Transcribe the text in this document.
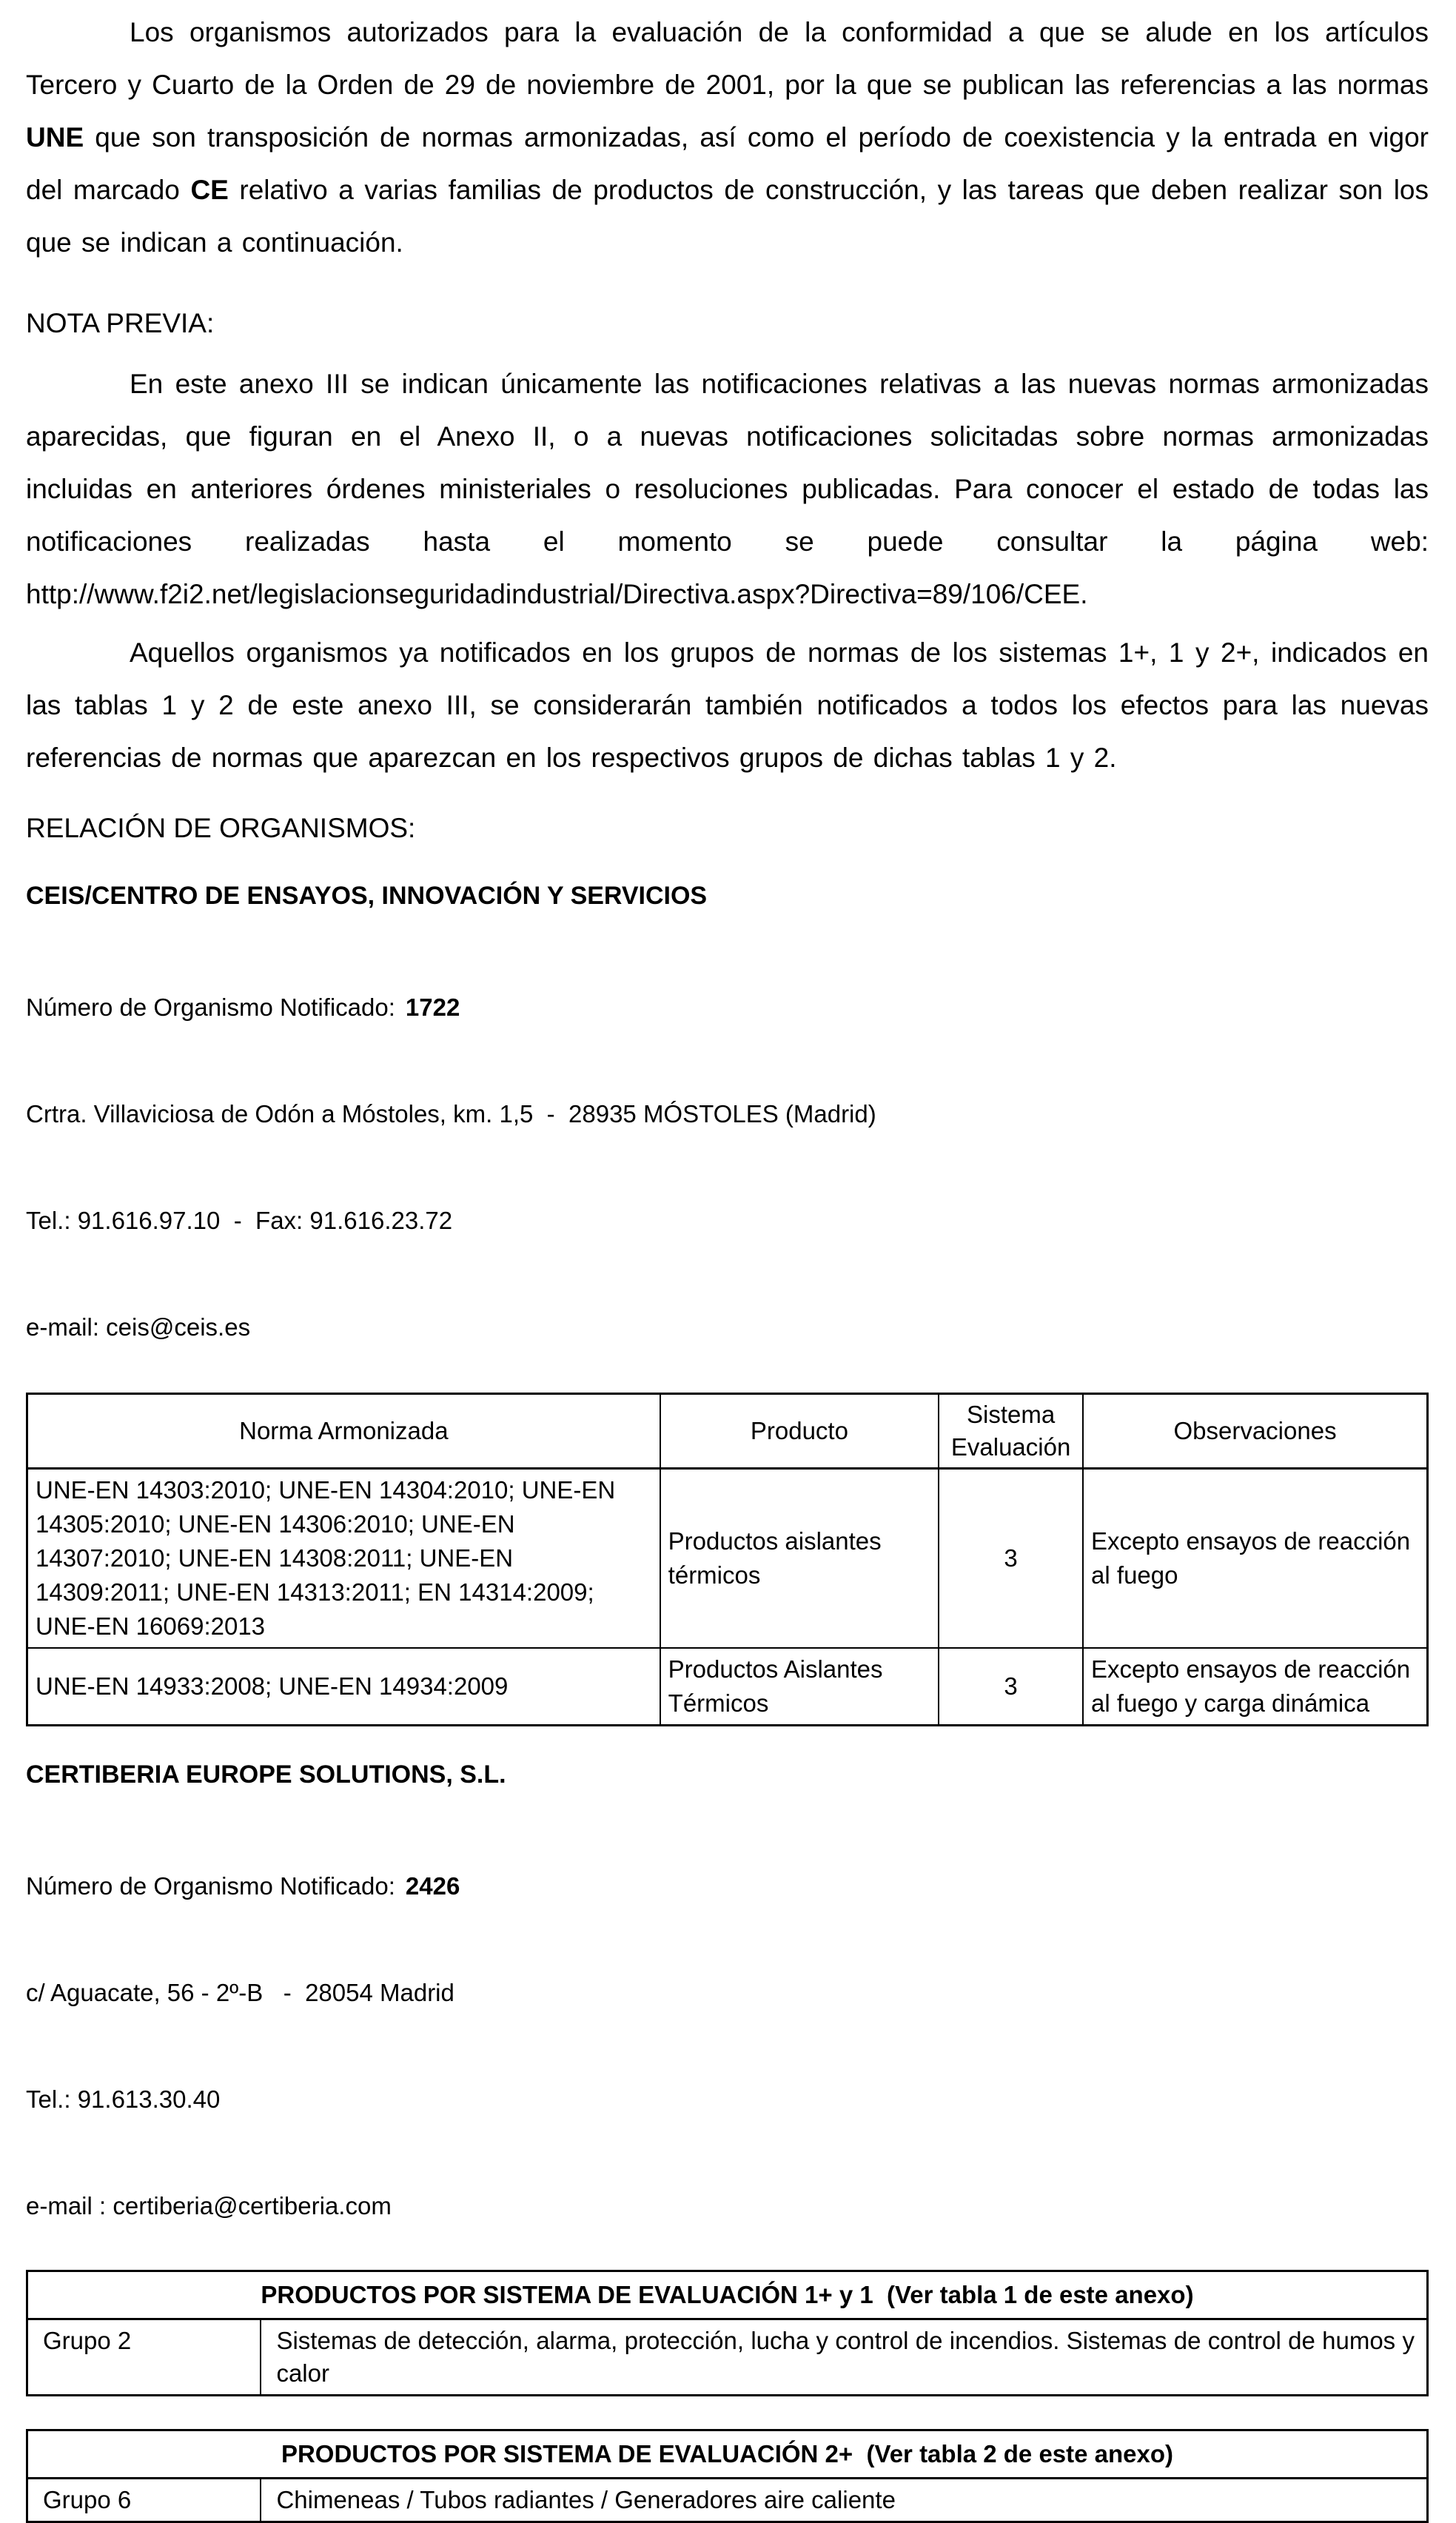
Los organismos autorizados para la evaluación de la conformidad a que se alude en los artículos Tercero y Cuarto de la Orden de 29 de noviembre de 2001, por la que se publican las referencias a las normas UNE que son transposición de normas armonizadas, así como el período de coexistencia y la entrada en vigor del marcado CE relativo a varias familias de productos de construcción, y las tareas que deben realizar son los que se indican a continuación.

NOTA PREVIA:

En este anexo III se indican únicamente las notificaciones relativas a las nuevas normas armonizadas aparecidas, que figuran en el Anexo II, o a nuevas notificaciones solicitadas sobre normas armonizadas incluidas en anteriores órdenes ministeriales o resoluciones publicadas. Para conocer el estado de todas las notificaciones realizadas hasta el momento se puede consultar la página web: http://www.f2i2.net/legislacionseguridadindustrial/Directiva.aspx?Directiva=89/106/CEE.

Aquellos organismos ya notificados en los grupos de normas de los sistemas 1+, 1 y 2+, indicados en las tablas 1 y 2 de este anexo III, se considerarán también notificados a todos los efectos para las nuevas referencias de normas que aparezcan en los respectivos grupos de dichas tablas 1 y 2.

RELACIÓN DE ORGANISMOS:
CEIS/CENTRO DE ENSAYOS, INNOVACIÓN Y SERVICIOS

Número de Organismo Notificado: 1722

Crtra. Villaviciosa de Odón a Móstoles, km. 1,5  -  28935 MÓSTOLES (Madrid)

Tel.: 91.616.97.10  -  Fax: 91.616.23.72

e-mail: ceis@ceis.es

Norma Armonizada	Producto	Sistema Evaluación	Observaciones
UNE-EN 14303:2010; UNE-EN 14304:2010; UNE-EN 14305:2010; UNE-EN 14306:2010; UNE-EN 14307:2010; UNE-EN 14308:2011; UNE-EN 14309:2011; UNE-EN 14313:2011; EN 14314:2009; UNE-EN 16069:2013	Productos aislantes térmicos	3	Excepto ensayos de reacción al fuego
UNE-EN 14933:2008; UNE-EN 14934:2009	Productos Aislantes Térmicos	3	Excepto ensayos de reacción al fuego y carga dinámica
CERTIBERIA EUROPE SOLUTIONS, S.L.

Número de Organismo Notificado: 2426

c/ Aguacate, 56 - 2º-B   -  28054 Madrid

Tel.: 91.613.30.40

e-mail : certiberia@certiberia.com

PRODUCTOS POR SISTEMA DE EVALUACIÓN 1+ y 1  (Ver tabla 1 de este anexo)
Grupo 2	Sistemas de detección, alarma, protección, lucha y control de incendios. Sistemas de control de humos y calor
PRODUCTOS POR SISTEMA DE EVALUACIÓN 2+  (Ver tabla 2 de este anexo)
Grupo 6	Chimeneas / Tubos radiantes / Generadores aire caliente
